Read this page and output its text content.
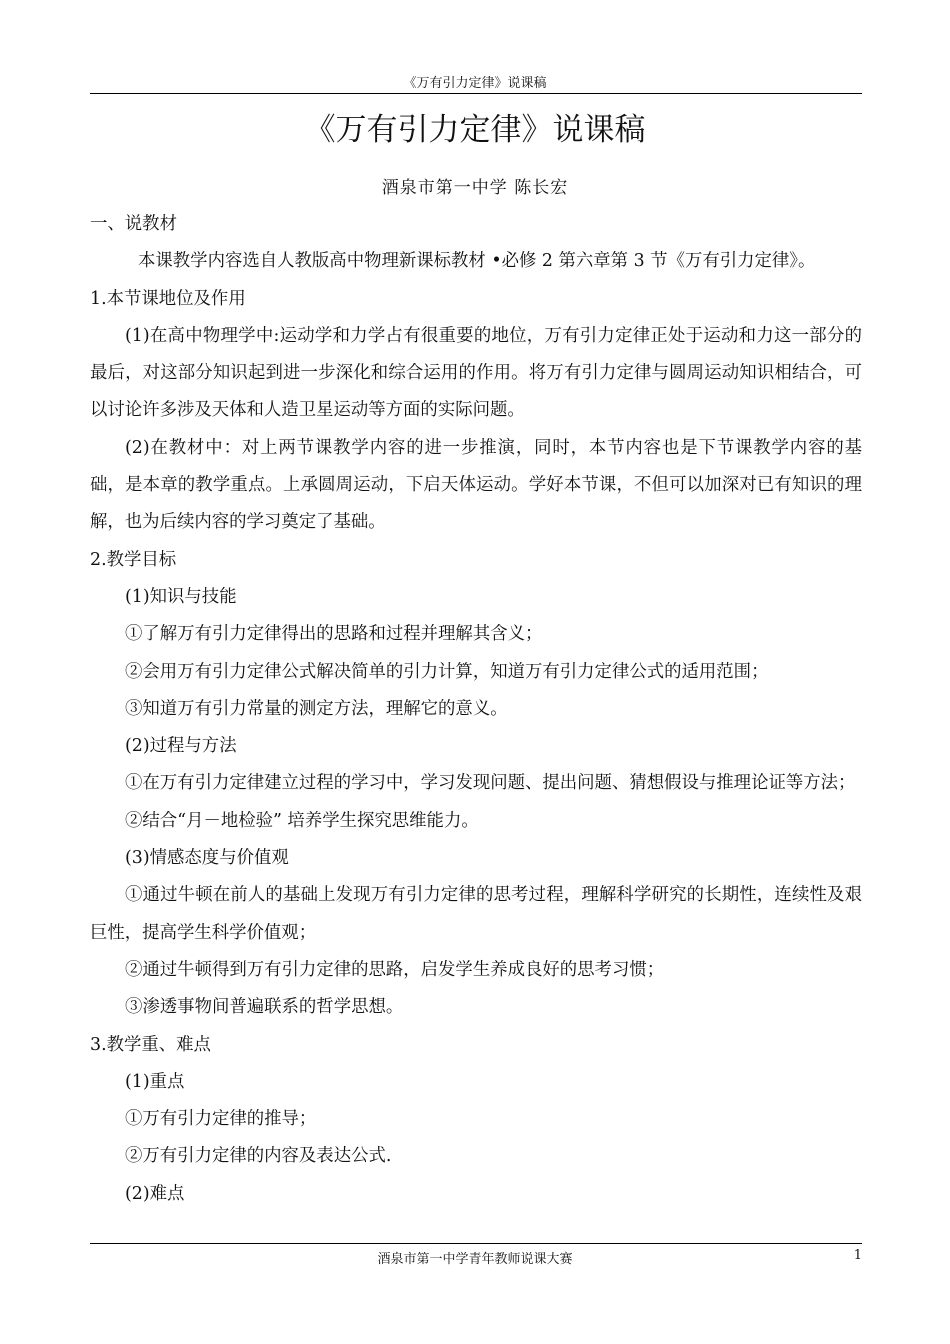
《万有引力定律》说课稿
《万有引力定律》说课稿
酒泉市第一中学 陈长宏

一、说教材

本课教学内容选自人教版高中物理新课标教材 •必修 2 第六章第 3 节《万有引力定律》。

1.本节课地位及作用

(1)在高中物理学中:运动学和力学占有很重要的地位，万有引力定律正处于运动和力这一部分的最后，对这部分知识起到进一步深化和综合运用的作用。将万有引力定律与圆周运动知识相结合，可以讨论许多涉及天体和人造卫星运动等方面的实际问题。

(2)在教材中：对上两节课教学内容的进一步推演，同时，本节内容也是下节课教学内容的基础，是本章的教学重点。上承圆周运动，下启天体运动。学好本节课，不但可以加深对已有知识的理解，也为后续内容的学习奠定了基础。

2.教学目标

(1)知识与技能

①了解万有引力定律得出的思路和过程并理解其含义；

②会用万有引力定律公式解决简单的引力计算，知道万有引力定律公式的适用范围；

③知道万有引力常量的测定方法，理解它的意义。

(2)过程与方法

①在万有引力定律建立过程的学习中，学习发现问题、提出问题、猜想假设与推理论证等方法；

②结合“月－地检验” 培养学生探究思维能力。

(3)情感态度与价值观

①通过牛顿在前人的基础上发现万有引力定律的思考过程，理解科学研究的长期性，连续性及艰巨性，提高学生科学价值观；

②通过牛顿得到万有引力定律的思路，启发学生养成良好的思考习惯；

③渗透事物间普遍联系的哲学思想。

3.教学重、难点

(1)重点

①万有引力定律的推导；

②万有引力定律的内容及表达公式.

(2)难点

酒泉市第一中学青年教师说课大赛	1
